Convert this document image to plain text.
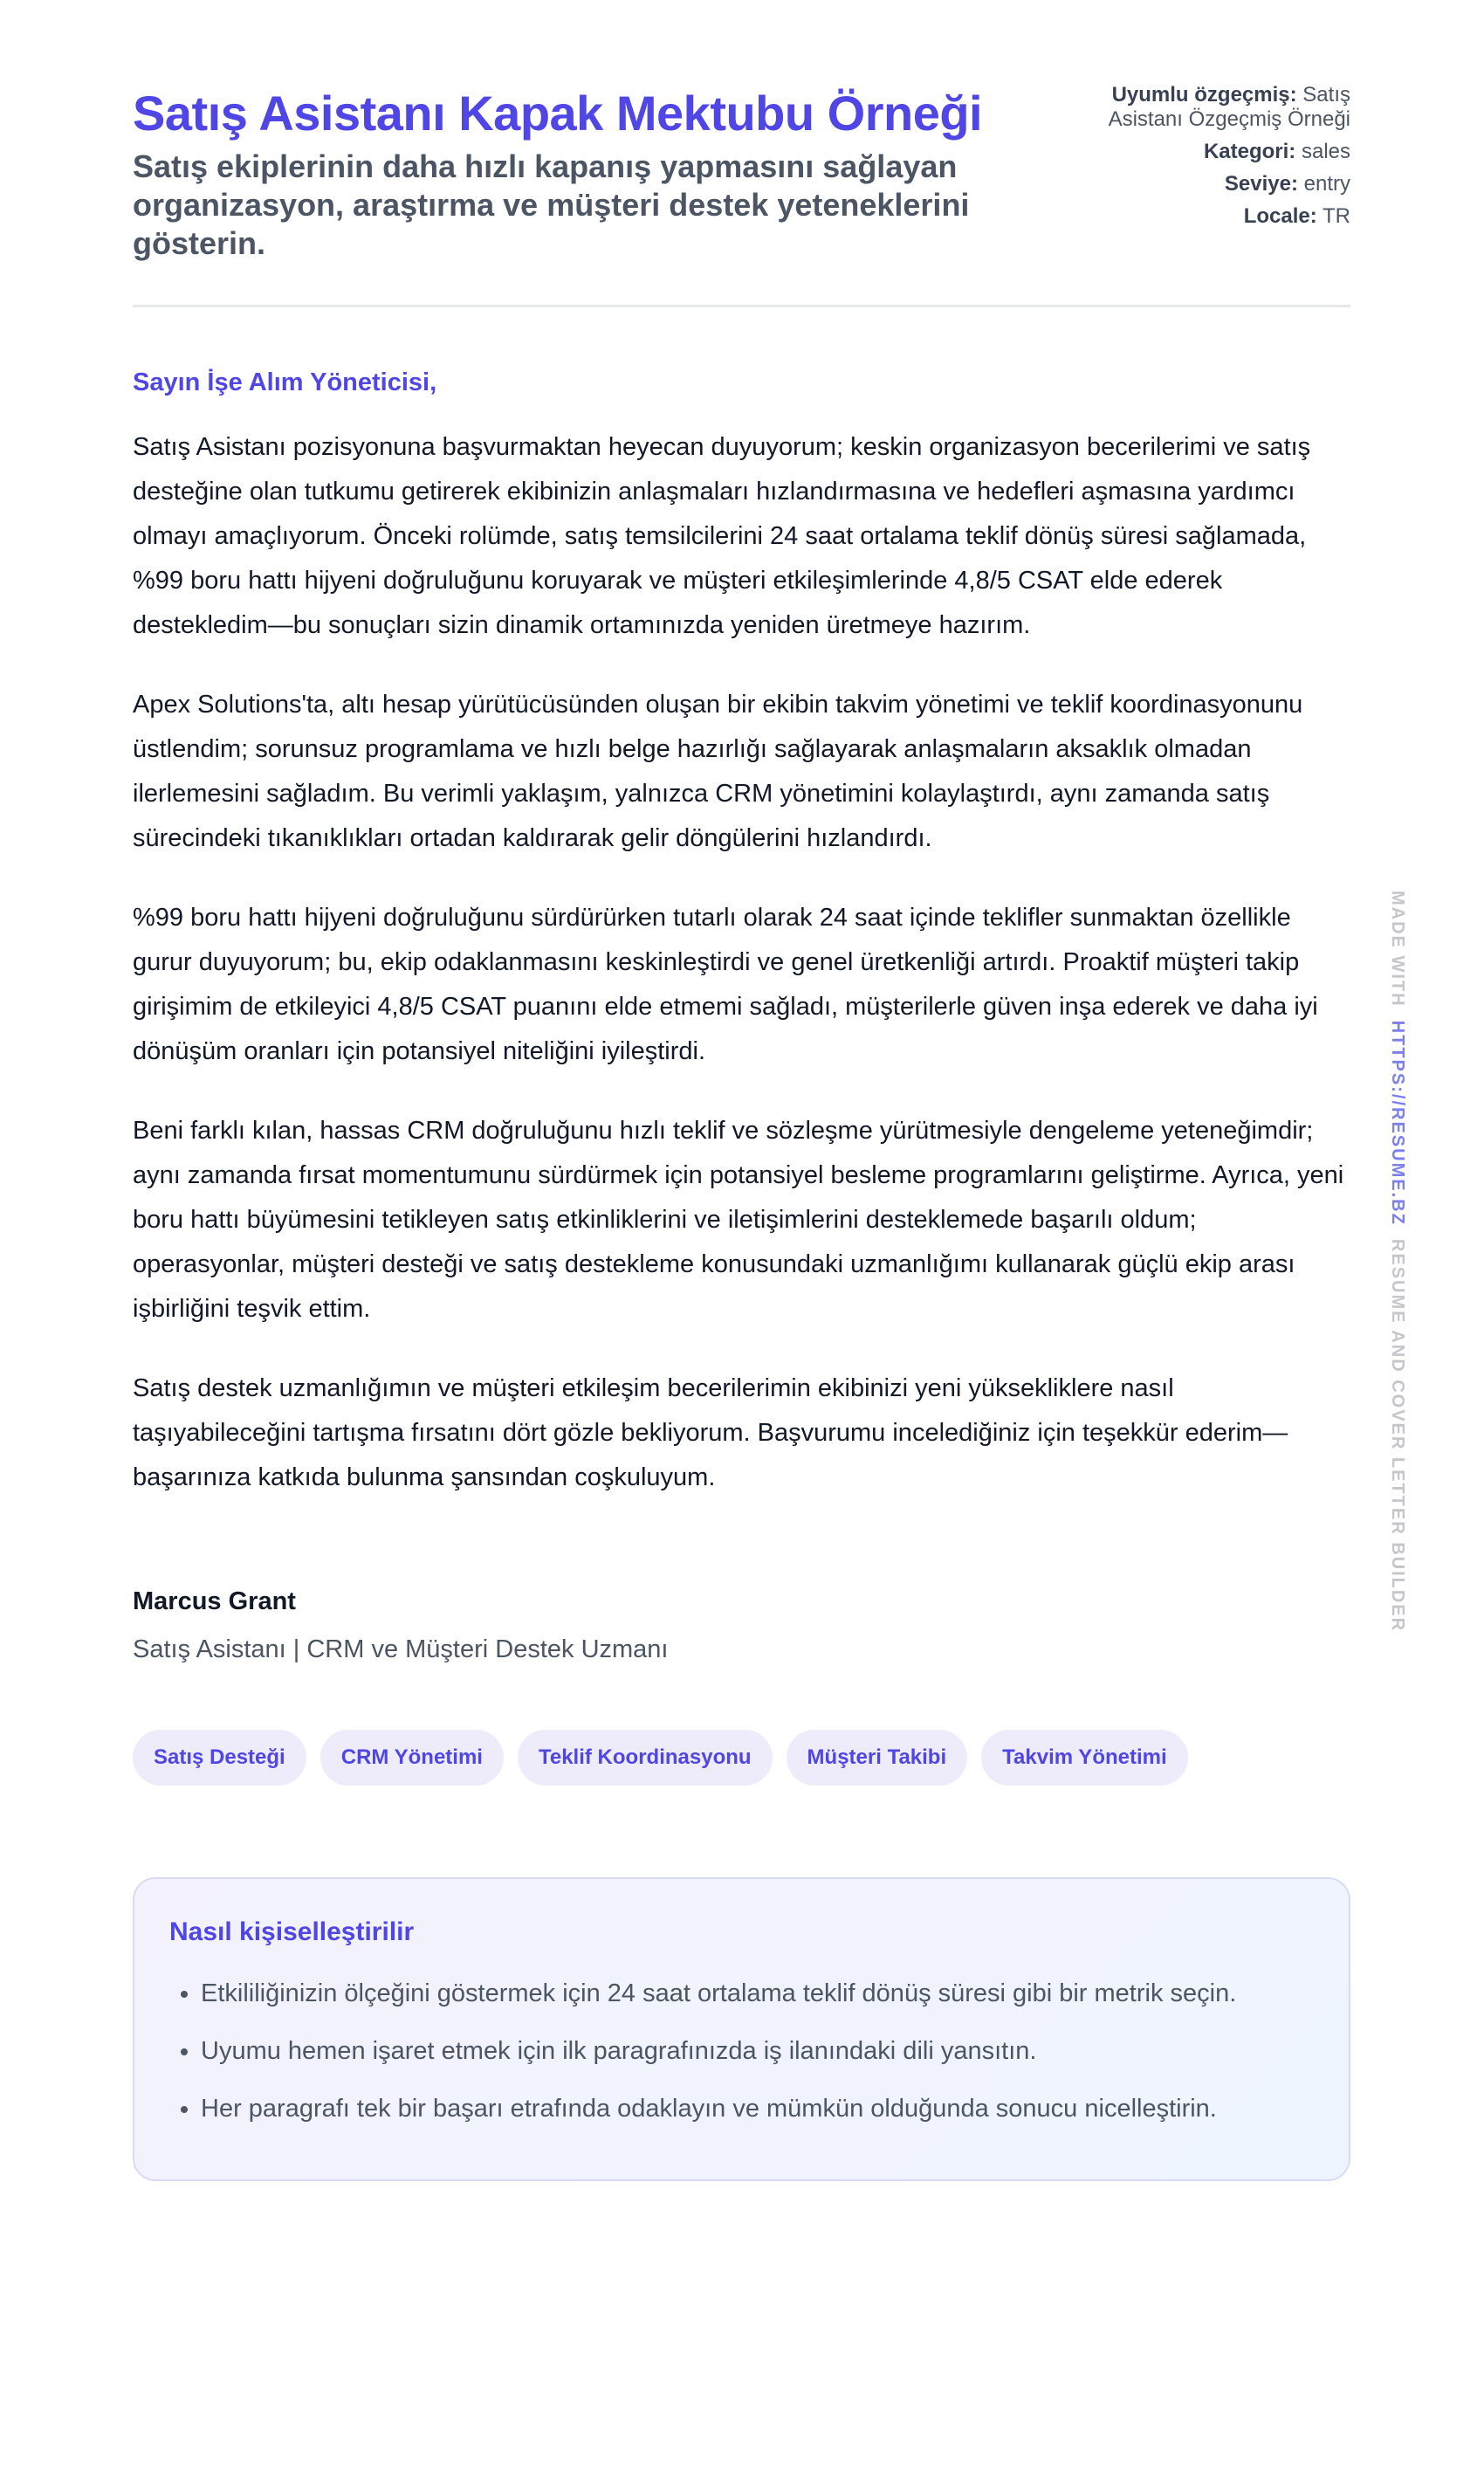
Satış Asistanı Kapak Mektubu Örneği
Satış ekiplerinin daha hızlı kapanış yapmasını sağlayan organizasyon, araştırma ve müşteri destek yeteneklerini gösterin.
Uyumlu özgeçmiş: Satış Asistanı Özgeçmiş Örneği
Kategori: sales
Seviye: entry
Locale: TR
Sayın İşe Alım Yöneticisi,

Satış Asistanı pozisyonuna başvurmaktan heyecan duyuyorum; keskin organizasyon becerilerimi ve satış desteğine olan tutkumu getirerek ekibinizin anlaşmaları hızlandırmasına ve hedefleri aşmasına yardımcı olmayı amaçlıyorum. Önceki rolümde, satış temsilcilerini 24 saat ortalama teklif dönüş süresi sağlamada, %99 boru hattı hijyeni doğruluğunu koruyarak ve müşteri etkileşimlerinde 4,8/5 CSAT elde ederek destekledim—bu sonuçları sizin dinamik ortamınızda yeniden üretmeye hazırım.

Apex Solutions'ta, altı hesap yürütücüsünden oluşan bir ekibin takvim yönetimi ve teklif koordinasyonunu üstlendim; sorunsuz programlama ve hızlı belge hazırlığı sağlayarak anlaşmaların aksaklık olmadan ilerlemesini sağladım. Bu verimli yaklaşım, yalnızca CRM yönetimini kolaylaştırdı, aynı zamanda satış sürecindeki tıkanıklıkları ortadan kaldırarak gelir döngülerini hızlandırdı.

%99 boru hattı hijyeni doğruluğunu sürdürürken tutarlı olarak 24 saat içinde teklifler sunmaktan özellikle gurur duyuyorum; bu, ekip odaklanmasını keskinleştirdi ve genel üretkenliği artırdı. Proaktif müşteri takip girişimim de etkileyici 4,8/5 CSAT puanını elde etmemi sağladı, müşterilerle güven inşa ederek ve daha iyi dönüşüm oranları için potansiyel niteliğini iyileştirdi.

Beni farklı kılan, hassas CRM doğruluğunu hızlı teklif ve sözleşme yürütmesiyle dengeleme yeteneğimdir; aynı zamanda fırsat momentumunu sürdürmek için potansiyel besleme programlarını geliştirme. Ayrıca, yeni boru hattı büyümesini tetikleyen satış etkinliklerini ve iletişimlerini desteklemede başarılı oldum; operasyonlar, müşteri desteği ve satış destekleme konusundaki uzmanlığımı kullanarak güçlü ekip arası işbirliğini teşvik ettim.

Satış destek uzmanlığımın ve müşteri etkileşim becerilerimin ekibinizi yeni yüksekliklere nasıl taşıyabileceğini tartışma fırsatını dört gözle bekliyorum. Başvurumu incelediğiniz için teşekkür ederim—başarınıza katkıda bulunma şansından coşkuluyum.

Marcus Grant
Satış Asistanı | CRM ve Müşteri Destek Uzmanı
Satış Desteği	CRM Yönetimi	Teklif Koordinasyonu	Müşteri Takibi	Takvim Yönetimi
Nasıl kişiselleştirilir
• Etkililiğinizin ölçeğini göstermek için 24 saat ortalama teklif dönüş süresi gibi bir metrik seçin.
• Uyumu hemen işaret etmek için ilk paragrafınızda iş ilanındaki dili yansıtın.
• Her paragrafı tek bir başarı etrafında odaklayın ve mümkün olduğunda sonucu nicelleştirin.
MADE WITH  HTTPS://RESUME.BZ  RESUME AND COVER LETTER BUILDER
